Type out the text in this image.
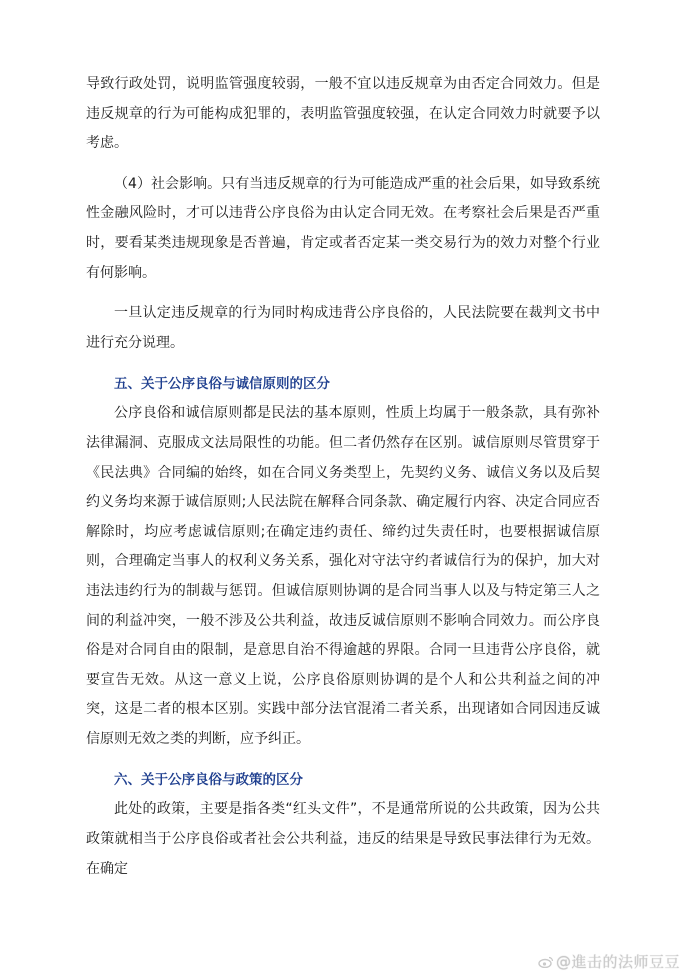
导致行政处罚，说明监管强度较弱，一般不宜以违反规章为由否定合同效力。但是违反规章的行为可能构成犯罪的，表明监管强度较强，在认定合同效力时就要予以考虑。

（4）社会影响。只有当违反规章的行为可能造成严重的社会后果，如导致系统性金融风险时，才可以违背公序良俗为由认定合同无效。在考察社会后果是否严重时，要看某类违规现象是否普遍，肯定或者否定某一类交易行为的效力对整个行业有何影响。

一旦认定违反规章的行为同时构成违背公序良俗的，人民法院要在裁判文书中进行充分说理。

五、关于公序良俗与诚信原则的区分

公序良俗和诚信原则都是民法的基本原则，性质上均属于一般条款，具有弥补法律漏洞、克服成文法局限性的功能。但二者仍然存在区别。诚信原则尽管贯穿于《民法典》合同编的始终，如在合同义务类型上，先契约义务、诚信义务以及后契约义务均来源于诚信原则;人民法院在解释合同条款、确定履行内容、决定合同应否解除时，均应考虑诚信原则;在确定违约责任、缔约过失责任时，也要根据诚信原则，合理确定当事人的权利义务关系，强化对守法守约者诚信行为的保护，加大对违法违约行为的制裁与惩罚。但诚信原则协调的是合同当事人以及与特定第三人之间的利益冲突，一般不涉及公共利益，故违反诚信原则不影响合同效力。而公序良俗是对合同自由的限制，是意思自治不得逾越的界限。合同一旦违背公序良俗，就要宣告无效。从这一意义上说，公序良俗原则协调的是个人和公共利益之间的冲突，这是二者的根本区别。实践中部分法官混淆二者关系，出现诸如合同因违反诚信原则无效之类的判断，应予纠正。

六、关于公序良俗与政策的区分

此处的政策，主要是指各类“红头文件”，不是通常所说的公共政策，因为公共政策就相当于公序良俗或者社会公共利益，违反的结果是导致民事法律行为无效。在确定

@進击的法师豆豆
